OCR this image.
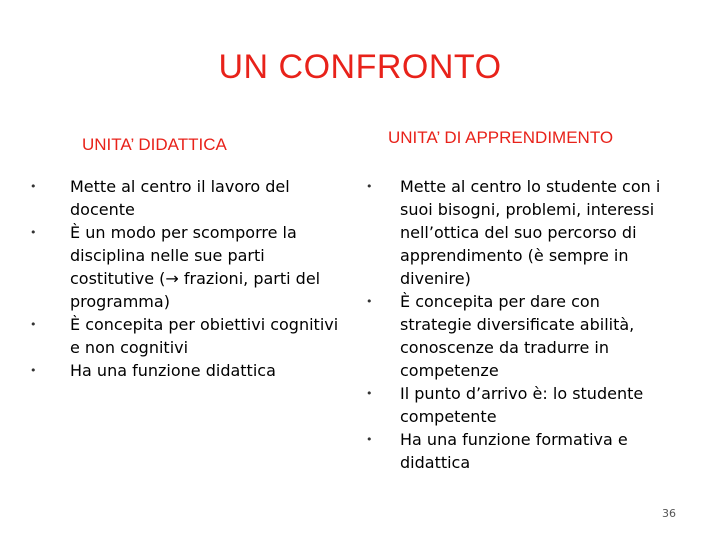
UN CONFRONTO
UNITA’ DIDATTICA	UNITA’ DI APPRENDIMENTO
•	Mette al centro il lavoro del docente
•	È un modo per scomporre la disciplina nelle sue parti costitutive (→ frazioni, parti del programma)
•	È concepita per obiettivi cognitivi e non cognitivi
•	Ha una funzione didattica
•	Mette al centro lo studente con i suoi bisogni, problemi, interessi nell’ottica del suo percorso di apprendimento (è sempre in divenire)
•	È concepita per dare con strategie diversificate abilità, conoscenze da tradurre in competenze
•	Il punto d’arrivo è: lo studente competente
•	Ha una funzione formativa e didattica
36
